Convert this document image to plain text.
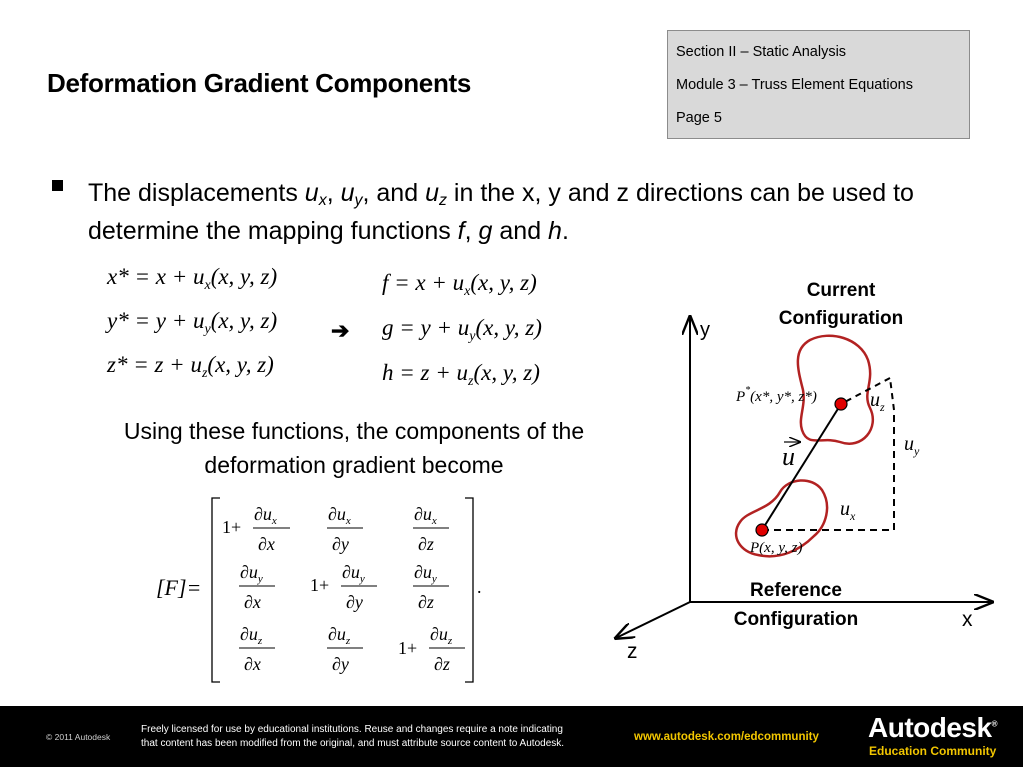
Deformation Gradient Components
Section II – Static Analysis
Module 3 – Truss Element Equations
Page 5
The displacements $u_x$, $u_y$, and $u_z$ in the x, y and z directions can be used to determine the mapping functions f, g and h.
$x* = x + u_x(x$, y, z)
$y* = y + u_y(x$, y, z)
$z* = z + u_z(x$, y, z)
➔
$f = x + u_x(x$, y, z)
$g = y + u_y(x$, y, z)
$h = z + u_z(x$, y, z)
Using these functions, the components of the deformation gradient become
[F]=	.
1+
$\partial u_x$
∂x
$\partial u_x$
∂y
$\partial u_x$
∂z
$\partial u_y$
∂x
1+
$\partial u_y$
∂y
$\partial u_y$
∂z
$\partial u_z$
∂x
$\partial u_z$
∂y
1+
$\partial u_z$
∂z
y
x
z
Current
Configuration
Reference
Configuration
P*(x*, y*, z*)
P(x, y, z)
u
$u_x$
$u_y$
$u_z$
© 2011 Autodesk
Freely licensed for use by educational institutions. Reuse and changes require a note indicating
that content has been modified from the original, and must attribute source content to Autodesk.
www.autodesk.com/edcommunity Autodesk®
Education Community
